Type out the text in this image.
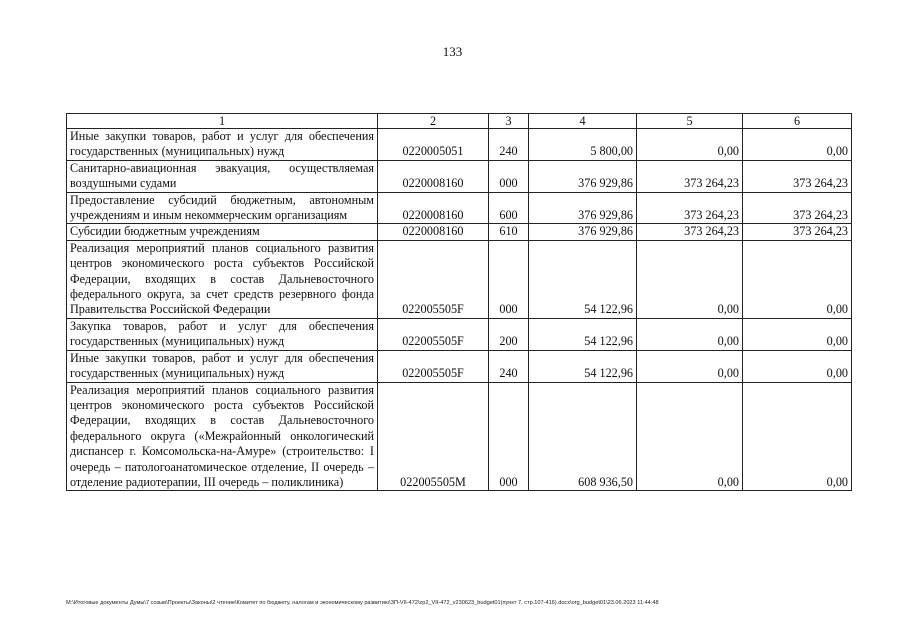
133
1	2	3	4	5	6
Иные закупки товаров, работ и услуг для обеспечения государственных (муниципальных) нужд	0220005051	240	5 800,00	0,00	0,00
Санитарно-авиационная эвакуация, осуществляемая воздушными судами	0220008160	000	376 929,86	373 264,23	373 264,23
Предоставление субсидий бюджетным, автономным учреждениям и иным некоммерческим организациям	0220008160	600	376 929,86	373 264,23	373 264,23
Субсидии бюджетным учреждениям	0220008160	610	376 929,86	373 264,23	373 264,23
Реализация мероприятий планов социального развития центров экономического роста субъектов Российской Федерации, входящих в состав Дальневосточного федерального округа, за счет средств резервного фонда Правительства Российской Федерации	022005505F	000	54 122,96	0,00	0,00
Закупка товаров, работ и услуг для обеспечения государственных (муниципальных) нужд	022005505F	200	54 122,96	0,00	0,00
Иные закупки товаров, работ и услуг для обеспечения государственных (муниципальных) нужд	022005505F	240	54 122,96	0,00	0,00
Реализация мероприятий планов социального развития центров экономического роста субъектов Российской Федерации, входящих в состав Дальневосточного федерального округа («Межрайонный онкологический диспансер г. Комсомольска-на-Амуре» (строительство: I очередь – патологоанатомическое отделение, II очередь – отделение радиотерапии, III очередь – поликлиника)	022005505M	000	608 936,50	0,00	0,00
M:\Итоговые документы Думы\7 созыв\Проекты\Законы\2 чтение\Комитет по бюджету, налогам и экономическому развитию\ЗП-VII-472\zp2_VII-472_v230623_budget01(пункт 7, стр.107-416).docx\org_budget01\23.06.2023 11:44:48
